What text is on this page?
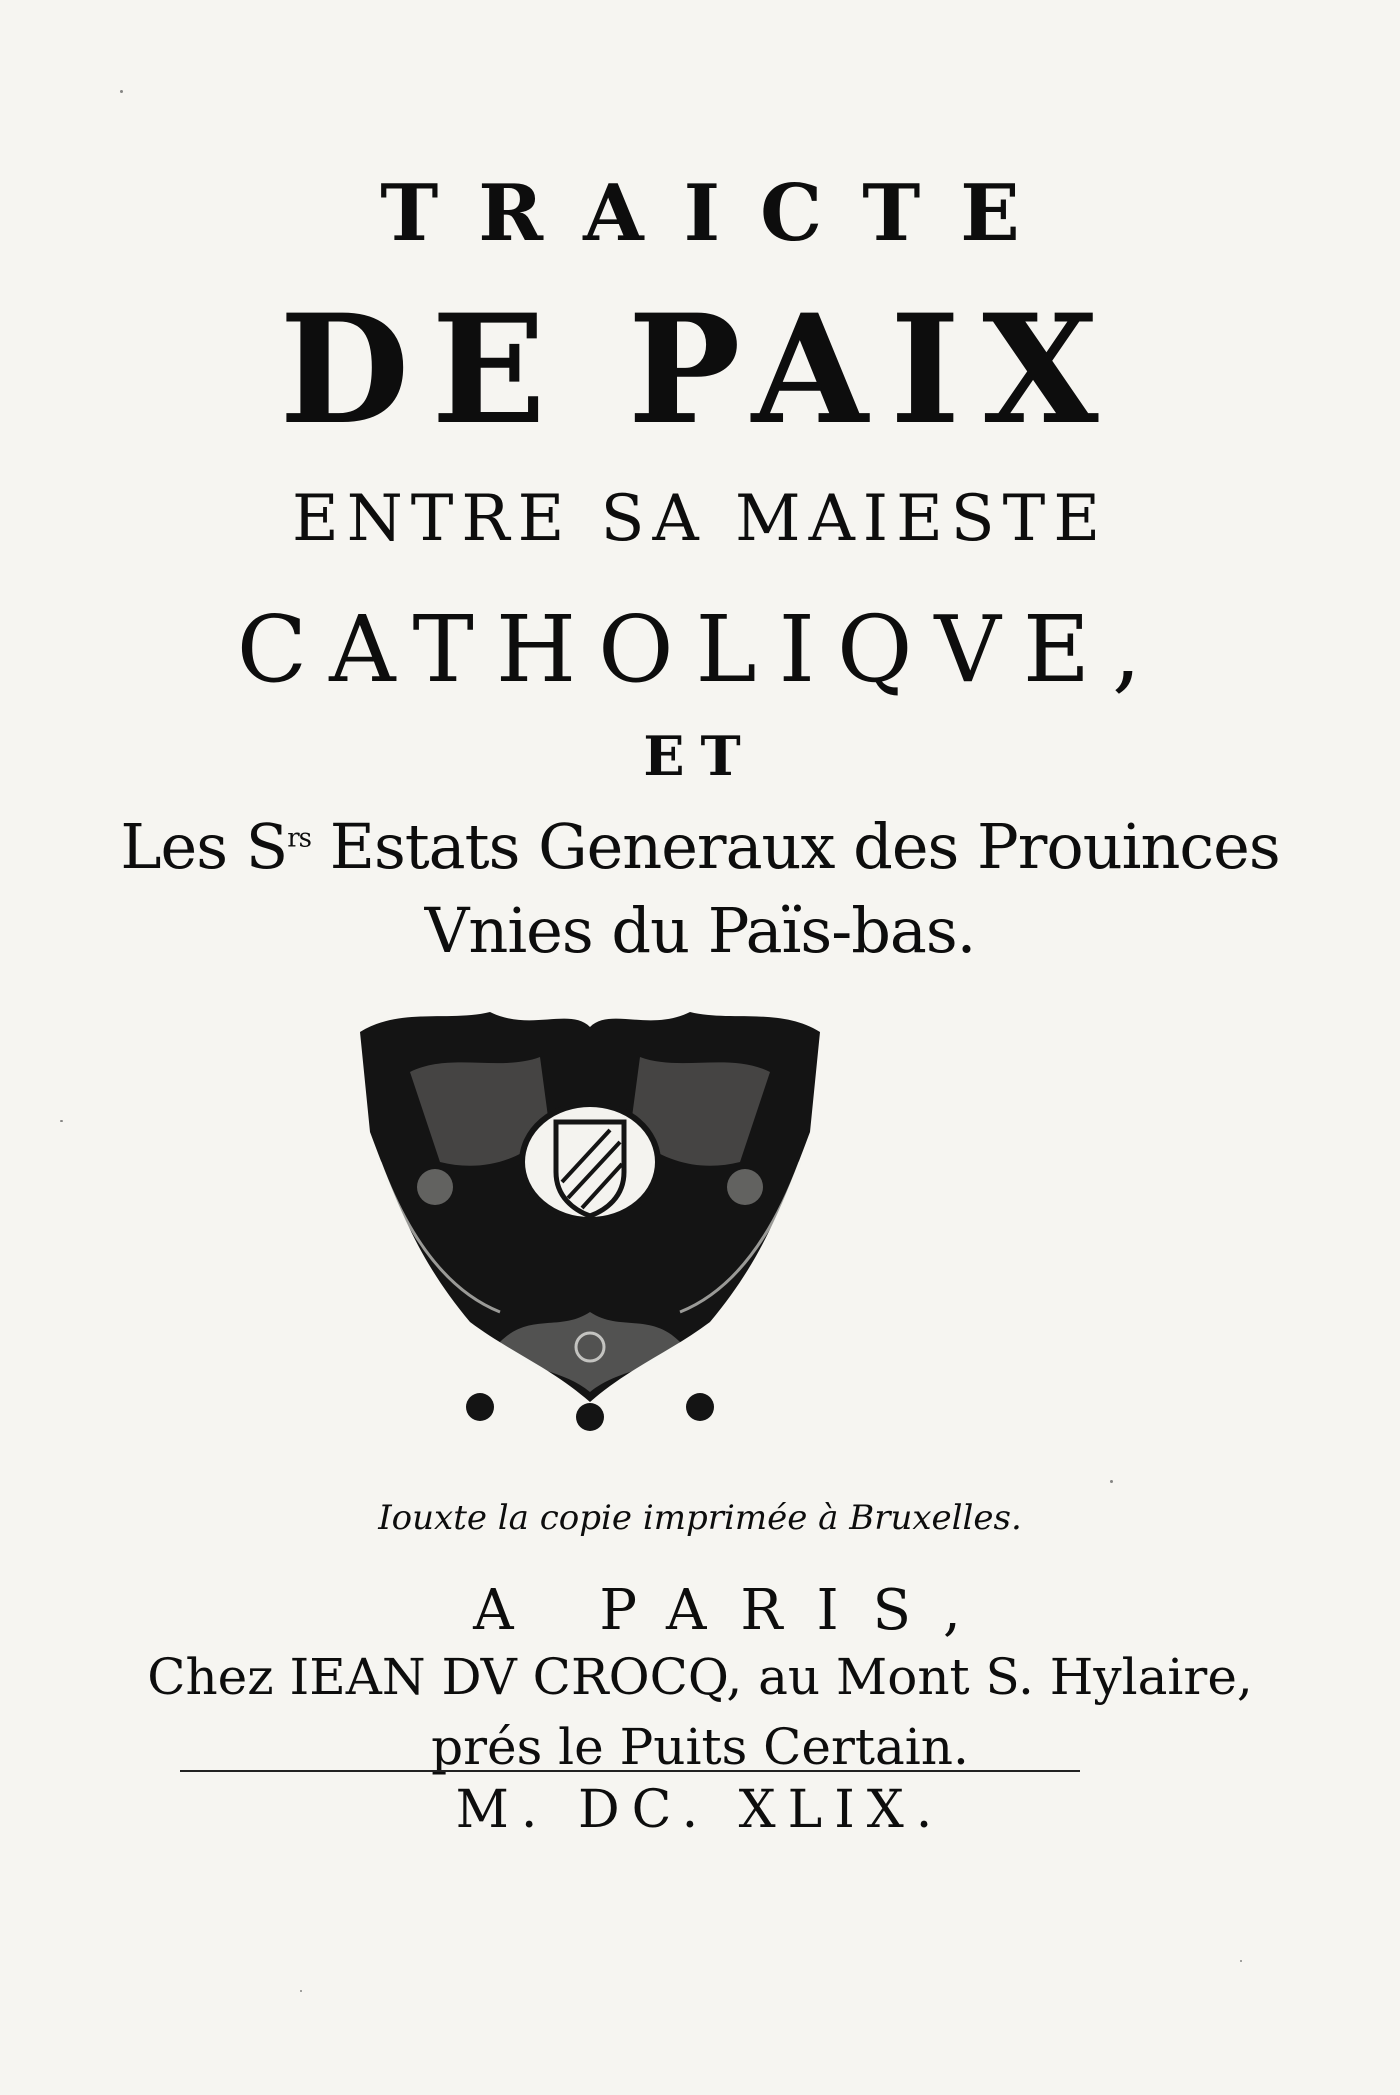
TRAICTE
DE PAIX
ENTRE SA MAIESTE
CATHOLIQVE,
ET
Les $S^{rs}$ Estats Generaux des Prouinces
Vnies du Païs-bas.
Iouxte la copie imprimée à Bruxelles.
A PARIS,
Chez IEAN DV CROCQ, au Mont S. Hylaire,
prés le Puits Certain.
M. DC. XLIX.
